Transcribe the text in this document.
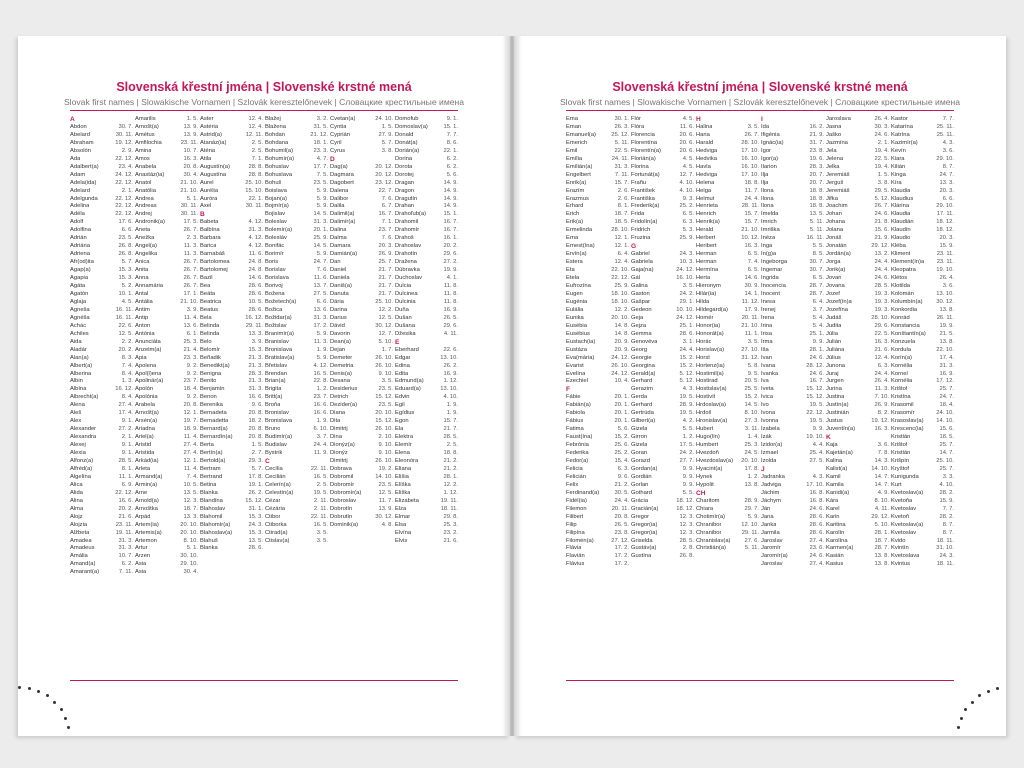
Slovenská křestní jména | Slovenské krstné mená
Slovak first names | Slowakische Vornamen | Szlovák keresztelőnevek | Словацкие крестильные имена
A
Abdon	30. 7.
Abelard	30. 11.
Abraham	19. 12.
Absolón	2. 9.
Ada	22. 12.
Adalbert(a)	23. 4.
Adam	24. 12.
Adela(ida)	22. 12.
Adelard	2. 1.
Adelgunda	22. 12.
Adelina	22. 12.
Adéla	22. 12.
Adolf	17. 6.
Adolfina	6. 6.
Adrián	23. 5.
Adriána	26. 8.
Adriena	26. 8.
Afr(od)ita	5. 7.
Agap(a)	15. 3.
Agapia	15. 3.
Agáta	5. 2.
Agatón	10. 1.
Aglaja	4. 5.
Agneša	16. 11.
Agnéša	16. 11.
Achác	22. 6.
Achiles	12. 5.
Aida	2. 2.
Aladár	20. 2.
Alan(a)	8. 3.
Albert(a)	7. 4.
Alberina	8. 4.
Albin	1. 3.
Albína	16. 12.
Albrecht(a)	8. 4.
Alena	27. 4.
Aleš	17. 4.
Alex	9. 1.
Alexander	27. 2.
Alexandra	2. 1.
Alexej	9. 1.
Alexia	9. 1.
Alfonz(a)	28. 5.
Alfréd(a)	8. 1.
Algelína	11. 1.
Alica	6. 9.
Alida	22. 12.
Alina	16. 6.
Alma	20. 2.
Alojz	21. 6.
Alojzia	23. 11.
Alžbeta	19. 11.
Amadea	31. 3.
Amadeus	31. 3.
Amália	10. 7.
Amand(a)	6. 2.
Amarant(a)	7. 11.
Amarilis	1. 5.
Arnošt(a)	13. 9.
Amétus	13. 9.
Amfilochia	23. 11.
Amina	10. 7.
Amos	16. 3.
Anabela	20. 8.
Anastáz(ia)	30. 4.
Anatol	21. 10.
Anatólia	21. 10.
Andrea	5. 1.
Andreas	30. 11.
Andrej	30. 11.
Andronik(a)	17. 5.
Aneta	26. 7.
Anežka	2. 3.
Angel(a)	11. 3.
Angelika	11. 3.
Anica	26. 7.
Anita	26. 7.
Anna	26. 7.
Annamária	26. 7.
Antal	17. 1.
Antália	21. 10.
Antim	3. 9.
Antip	11. 4.
Anton	13. 6.
Antónia	6. 1.
Anunciáta	25. 3.
Anzelm(a)	21. 4.
Apia	23. 3.
Apolena	9. 2.
Apol(l)ena	9. 2.
Apolinár(a)	23. 7.
Apolón	18. 4.
Apolónia	9. 2.
Arabela	20. 8.
Arnošt(a)	12. 1.
Arsén(a)	19. 7.
Ariadna	18. 9.
Ariel(a)	11. 4.
Aristid	27. 4.
Aristida	27. 4.
Arkád(ia)	12. 1.
Arleta	11. 4.
Armand(a)	7. 4.
Armin(a)	10. 5.
Arne	13. 5.
Arnold(a)	12. 3.
Arnoštka	18. 7.
Arpád	13. 3.
Artem(ia)	20. 10.
Artemis(a)	20. 10.
Artemon	8. 10.
Artur	5. 1.
Arzen	30. 10.
Asia	29. 10.
Asia	30. 4.
Aster	12. 4.
Astéria	12. 4.
Astrid(a)	12. 11.
Atanáz(ia)	2. 5.
Aténa	2. 5.
Atila	7. 1.
Augustín(a)	28. 8.
Augustína	28. 8.
Aurel	25. 10.
Aurélia	15. 10.
Auróra	22. 1.
Axel	30. 11.
B
Babeta	4. 12.
Balbína	31. 3.
Barbara	4. 12.
Barica	4. 12.
Barnabáš	11. 6.
Bartolomea	24. 8.
Bartolomej	24. 8.
Bazil	14. 6.
Bea	28. 6.
Beáta	28. 6.
Beatrica	10. 5.
Beatus	28. 6.
Bela	16. 12.
Belinda	29. 11.
Belinda	13. 3.
Belo	3. 9.
Belomír	15. 3.
Beñadik	21. 3.
Benedikt(a)	21. 3.
Benigna	28. 3.
Benito	21. 3.
Benjamín	31. 3.
Benon	16. 6.
Berenika	9. 6.
Bernadeta	20. 8.
Bernadetta	18. 2.
Bernard(a)	20. 8.
Bernardín(a)	20. 8.
Berta	1. 5.
Bertín(a)	2. 7.
Bertold(a)	29. 3.
Bertram	5. 7.
Bertrand	17. 8.
Betina	19. 1.
Blanka	26. 2.
Blandína	15. 12.
Blahoslav	31. 1.
Blahomil	15. 3.
Blahomír(a)	24. 3.
Blahoslav(a)	15. 3.
Blahuš	13. 5.
Blanka	28. 6.
Blažej	3. 2.
Blažena	31. 5.
Bohdan	21. 12.
Bohdana	18. 1.
Bohumil(a)	23. 3.
Bohumír(a)	4. 7.
Bohuslav	17. 7.
Bohuslava	7. 5.
Bohuš	23. 5.
Boislava	5. 9.
Bojan(a)	5. 9.
Bojmír(a)	5. 9.
Bojislav	14. 5.
Boleslav	31. 3.
Bolemír(a)	20. 1.
Bolesláv	25. 9.
Bonifác	14. 5.
Borimír	5. 9.
Boris	24. 7.
Borislav	7. 6.
Borislava	11. 6.
Borivoj	13. 7.
Božena	27. 5.
Božetech(a)	6. 6.
Božica	13. 6.
Božidar(a)	31. 3.
Božislav	17. 2.
Branimír(a)	5. 9.
Branislav	11. 3.
Bronislava	1. 9.
Bratislav(a)	5. 9.
Břetislav	4. 12.
Brendan	16. 5.
Brian(a)	22. 8.
Brigita	1. 2.
Britt(a)	23. 7.
Broňa	16. 6.
Bronislav	16. 6.
Bronislava	1. 9.
Bruno	6. 10.
Budimír(a)	3. 7.
Budislav	24. 4.
Bystrik	11. 9.
C
Cecília	22. 11.
Cecilián	16. 5.
Celerín(a)	2. 5.
Celestín(a)	19. 5.
Cézar	2. 11.
Cézária	2. 11.
Ctibor	22. 11.
Ctiborka	16. 5.
Ctirad(a)	3. 5.
Ctislav(a)	3. 5.
Cvetan(a)	24. 10.
Cyntia	1. 5.
Cyprián	27. 9.
Cyril	5. 7.
Cyrus	3. 8.
D
Dag(a)	20. 12.
Dagmara	20. 12.
Dagobert	23. 12.
Dalena	22. 7.
Dalibor	7. 6.
Dalila	6. 7.
Dalimil(a)	16. 7.
Dalimír(a)	7. 1.
Dalina	23. 7.
Dalma	7. 6.
Damara	20. 3.
Damián(a)	26. 9.
Dan	25. 7.
Daniel	21. 7.
Daniela	21. 7.
Daniš(a)	21. 7.
Danuta	21. 7.
Dária	25. 10.
Darina	12. 2.
Darius	12. 5.
Dávid	30. 12.
Davorin	12. 7.
Dean(a)	5. 10.
Dejan	1. 7.
Demeter	26. 10.
Demetria	26. 10.
Denis(a)	9. 10.
Desana	3. 5.
Desiderius	23. 5.
Detrich	15. 12.
Dezider(a)	23. 5.
Diana	20. 10.
Dita	15. 12.
Dimitrij	26. 10.
Dina	2. 10.
Dionýz(a)	9. 10.
Dionýz	9. 10.
Dimitrij	26. 10.
Dobrava	19. 2.
Dobromil	14. 10.
Dobromír	23. 5.
Dobromír(a)	12. 5.
Dobroslav	11. 7.
Dobrotín	13. 9.
Dobrutín	30. 12.
Dominik(a)	4. 8.
Domofub	9. 1.
Domoslav(a)	15. 1.
Donald	7. 7.
Donát(a)	8. 6.
Dorián(a)	22. 1.
Dorina	6. 2.
Dorota	6. 2.
Dorotej	5. 6.
Dragan	14. 9.
Dragon	14. 9.
Dragutín	14. 9.
Drahan	14. 9.
Drahoľub(a)	15. 1.
Drahomil	16. 7.
Drahomír	16. 7.
Drahoš	16. 1.
Drahoslav	20. 2.
Drahotín	29. 6.
Dražena	27. 2.
Dúbravka	19. 9.
Duchoslav	4. 1.
Dulcia	11. 8.
Dulcinea	11. 8.
Dulcinia	11. 8.
Duňa	16. 9.
Dušan	26. 5.
Dušana	29. 6.
Džesika	4. 11.
E
Eberhard	22. 6.
Edgar	13. 10.
Edina	26. 2.
Edita	16. 9.
Edmund(a)	1. 12.
Eduard(a)	13. 10.
Edvin	4. 10.
Egil	1. 9.
Egídius	1. 9.
Egon	15. 7.
Ela	21. 7.
Elektra	28. 5.
Elemír	2. 5.
Elena	18. 8.
Eleonóra	21. 2.
Eliana	21. 2.
Elišia	28. 1.
Elíška	12. 2.
Eliška	1. 12.
Elizabeta	19. 11.
Elza	18. 11.
Elmar	29. 8.
Elsa	25. 3.
Elvína	23. 2.
Elvis	21. 6.
Slovenská křestní jména | Slovenské krstné mená
Slovak first names | Slowakische Vornamen | Szlovák keresztelőnevek | Словацкие крестильные имена
Ema	30. 1.
Eman	26. 3.
Emanuel(a)	25. 12.
Emerich	5. 11.
Emil	22. 5.
Emília	24. 11.
Emílián(a)	31. 3.
Engelbert	7. 11.
Enrik(a)	15. 7.
Erazím	2. 6.
Erazmus	2. 6.
Erhard	8. 1.
Erich	18. 7.
Erik(a)	18. 5.
Ermelinda	28. 10.
Erna	12. 1.
Ernest(ína)	12. 1.
Ervín(a)	6. 4.
Estera	12. 4.
Eta	22. 10.
Etela	22. 12.
Eufrozína	25. 9.
Eugen	18. 10.
Eugénia	18. 10.
Eulália	12. 2.
Eunika	20. 10.
Eusébia	14. 8.
Eusébius	14. 8.
Eustach(ia)	20. 9.
Eustáza	20. 9.
Eva(mária)	24. 12.
Evarist	26. 10.
Evelína	24. 12.
Ezechiel	10. 4.
F
Fábie	20. 1.
Fabián(a)	20. 1.
Fabiola	20. 1.
Fábius	20. 1.
Fatima	5. 6.
Faust(ína)	15. 2.
Febrónia	25. 6.
Federika	25. 2.
Fedor(a)	15. 4.
Felicia	6. 3.
Felicián	9. 6.
Felix	21. 2.
Ferdinand(a)	30. 5.
Fidél(ia)	24. 4.
Filemon	20. 11.
Filibert	20. 8.
Filip	26. 5.
Filipína	23. 8.
Filomén(a)	27. 12.
Flávia	17. 2.
Flavián	17. 2.
Flávius	17. 2.
Flór	4. 5.
Flóra	11. 6.
Florencia	20. 6.
Florentína	20. 6.
Florentín(a)	20. 6.
Florián(a)	4. 5.
Florina	4. 5.
Fortunát(a)	12. 7.
Frañu	4. 10.
František	4. 10.
Františka	9. 3.
Frederik(a)	25. 2.
Frida	6. 5.
Fridolín(a)	6. 3.
Fridrich	5. 3.
Fruzina	25. 9.
G
Gabriel	24. 3.
Gabriela	10. 3.
Gaja(na)	24. 12.
Gál	16. 10.
Galina	3. 5.
Gaston	24. 2.
Gašpar	29. 1.
Gedeon	10. 10.
Geja	24. 12.
Gejza	25. 1.
Gemma	28. 6.
Genovéva	3. 1.
Georg	24. 4.
Georgie	15. 2.
Georgina	15. 2.
Gerald(a)	5. 12.
Gerhard	5. 12.
Gerazim	4. 3.
Gerda	19. 5.
Gerhard	28. 9.
Gertrúda	19. 5.
Gilbert(a)	4. 2.
Gizela	5. 5.
Girron	1. 2.
Gizela	17. 5.
Goran	24. 2.
Gorazd	27. 7.
Gordan(a)	9. 9.
Gordián	9. 9.
Gorlan	9. 9.
Gothard	5. 5.
Grácia	18. 12.
Gracián(a)	18. 12.
Gregor	12. 3.
Gregor(ia)	12. 3.
Gregor(ia)	12. 3.
Griselda	28. 5.
Gustáv(a)	2. 8.
Gustína	26. 8.
H
Halina	3. 5.
Hana	26. 7.
Harald	28. 10.
Hedviga	17. 10.
Hedvika	16. 10.
Havla	16. 10.
Hedviga	17. 10.
Helena	18. 8.
Helga	11. 7.
Helmut	24. 4.
Henrieta	28. 11.
Henrich	15. 7.
Henrik(a)	15. 7.
Herald	21. 10.
Herbert	10. 12.
Heribert	16. 3.
Herman	6. 5.
Herman	7. 4.
Hermína	6. 5.
Herta	14. 6.
Hieronym	30. 9.
Hilár(ia)	14. 1.
Hilda	11. 12.
Hildegard(a)	17. 9.
Homér	20. 11.
Honor(ia)	21. 10.
Honorát(a)	11. 1.
Horác	3. 5.
Horislav(a)	27. 10.
Horst	31. 12.
Hortenz(ia)	5. 8.
Hostimil(a)	9. 5.
Hostirad	20. 5.
Hostislav(a)	25. 5.
Hostivít	15. 2.
Hrdoslav(a)	14. 5.
Hrdoš	8. 10.
Hronislav(a)	27. 3.
Hubert	3. 11.
Hugo(lín)	1. 4.
Humbert	25. 3.
Hvezdoň	24. 5.
Hvezdoslav(a)	20. 10.
Hyacint(a)	17. 8.
Hynek	1. 2.
Hypolit	13. 8.
CH
Charitom	28. 9.
Chiara	29. 7.
Chotimír(a)	5. 9.
Chranibor	12. 10.
Chranibor	29. 11.
Chranislav(a)	27. 6.
Christián(a)	5. 11.
I
Ida	16. 2.
Ifigénia	21. 9.
Ignác(ia)	31. 7.
Igor	23. 8.
Igor(a)	19. 6.
Ilarion	28. 3.
Ilja	20. 7.
Ilja	20. 7.
Ilona	18. 8.
Ilona	18. 8.
Ilona	18. 8.
Imelda	13. 5.
Imrich	5. 11.
Imriška	5. 11.
Inéza	16. 11.
Inga	5. 5.
In(g)a	8. 5.
Ingeborga	30. 7.
Ingemar	30. 7.
Ingrida	6. 5.
Inocencia	28. 7.
Inocent	28. 7.
Inesa	6. 4.
Irenej	3. 7.
Irena	5. 4.
Irina	5. 4.
Irisa	25. 1.
Irma	9. 9.
Iša	28. 1.
Ivan	24. 6.
Ivana	28. 12.
Ivanka	24. 6.
Iva	16. 7.
Iveta	15. 12.
Ivica	15. 12.
Ivo	19. 5.
Ivona	22. 12.
Ivonna	19. 5.
Izabela	9. 9.
Izák	19. 10.
Izidor(a)	4. 4.
Izmael	25. 4.
Izolda	27. 5.
J
Jadranka	4. 3.
Jadviga	17. 10.
Jáchim	16. 8.
Jáchym	16. 8.
Ján	24. 6.
Jana	28. 6.
Janka	28. 6.
Jarmila	28. 6.
Jaroslav	27. 4.
Jaromír	23. 6.
Jaromír(a)	24. 6.
Jaroslav	27. 4.
Jaroslava	26. 4.
Jasna	30. 3.
Jaško	24. 6.
Jazmína	2. 1.
Jela	19. 4.
Jelena	22. 5.
Jelka	19. 4.
Jeremiáš	1. 5.
Jerguš	3. 8.
Jeremiáš	29. 5.
Jifka	5. 12.
Joachim	26. 7.
Johan	24. 6.
Johana	21. 8.
Jolana	15. 6.
Jonáš	21. 9.
Jonatán	29. 12.
Jordán(a)	13. 2.
Jorga	24. 4.
Jorik(a)	24. 4.
Jovan	24. 6.
Jovana	28. 5.
Jozef	19. 3.
Jozef(ín)a	19. 3.
Jozefína	19. 3.
Judáš	28. 10.
Judita	29. 6.
Júlia	22. 5.
Julián	16. 3.
Juliána	21. 6.
Július	12. 4.
Junona	6. 3.
Juraj	24. 4.
Jurgen	26. 4.
Jurina	11. 3.
Justina	7. 10.
Justín(a)	26. 9.
Justinián	8. 2.
Justus	19. 12.
Juventín(a)	16. 3.
K
Kaja	3. 6.
Kajetán(a)	7. 8.
Kalina	14. 3.
Kalist(a)	14. 10.
Kamil	14. 7.
Kamila	14. 7.
Kanidi(a)	4. 9.
Kára	8. 10.
Karel	4. 11.
Karin	29. 12.
Karitina	5. 10.
Karolín	28. 1.
Karolína	18. 7.
Karmen(a)	28. 7.
Kasián	13. 8.
Kasius	13. 8.
Kastor	7. 7.
Katarína	25. 11.
Katrína	25. 11.
Kazimír(a)	4. 3.
Kevín	3. 6.
Kiara	29. 10.
Kilián	8. 7.
Kinga	24. 7.
Kíra	13. 3.
Klaudia	20. 3.
Klaudius	6. 6.
Klárina	29. 10.
Klaudia	17. 11.
Klaudián	18. 12.
Klaudín	18. 12.
Klaudio	20. 3.
Kléba	15. 9.
Kliment	23. 11.
Klement(ín)a	23. 11.
Kleopatra	19. 10.
Klétos	26. 4.
Klotilda	3. 6.
Kolomán	13. 10.
Kolumbín(a)	30. 12.
Konkordia	13. 8.
Konrád	26. 11.
Konstancia	19. 9.
Konštantín(a)	21. 5.
Konzuela	13. 8.
Kordula	22. 10.
Korín(a)	17. 4.
Kornélia	31. 3.
Kornel	16. 9.
Kornélia	17. 12.
Krištof	25. 7.
Kristína	24. 7.
Krasomil	18. 4.
Krasomír	24. 10.
Krasoslav(a)	14. 10.
Krescenc(ia)	15. 6.
Kristián	18. 5.
Krištof	25. 7.
Kristián	14. 7.
Krišpín	25. 10.
Kryštof	25. 7.
Kunigunda	3. 3.
Kurt	4. 10.
Kvetoslav(a)	28. 2.
Kvetoňa	15. 9.
Kvetoslav	7. 7.
Kvetoň	28. 2.
Kvetoslav(a)	8. 7.
Kvetoslav	8. 7.
Kvido	18. 11.
Kvintín	31. 10.
Kvetoslava	24. 3.
Kvintus	18. 11.
